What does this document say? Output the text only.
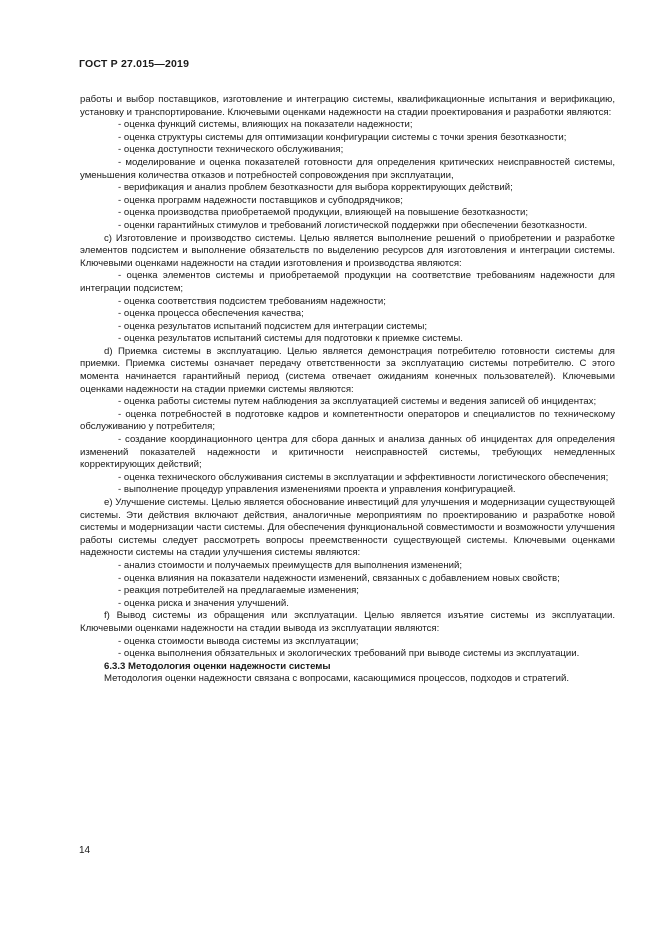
ГОСТ Р 27.015—2019

работы и выбор поставщиков, изготовление и интеграцию системы, квалификационные испытания и верификацию, установку и транспортирование. Ключевыми оценками надежности на стадии проектирования и разработки являются:

- оценка функций системы, влияющих на показатели надежности;

- оценка структуры системы для оптимизации конфигурации системы с точки зрения безотказности;

- оценка доступности технического обслуживания;

- моделирование и оценка показателей готовности для определения критических неисправностей системы, уменьшения количества отказов и потребностей сопровождения при эксплуатации,

- верификация и анализ проблем безотказности для выбора корректирующих действий;

- оценка программ надежности поставщиков и субподрядчиков;

- оценка производства приобретаемой продукции, влияющей на повышение безотказности;

- оценки гарантийных стимулов и требований логистической поддержки при обеспечении безотказности.

с) Изготовление и производство системы. Целью является выполнение решений о приобретении и разработке элементов подсистем и выполнение обязательств по выделению ресурсов для изготовления и интеграции системы. Ключевыми оценками надежности на стадии изготовления и производства являются:

- оценка элементов системы и приобретаемой продукции на соответствие требованиям надежности для интеграции подсистем;

- оценка соответствия подсистем требованиям надежности;

- оценка процесса обеспечения качества;

- оценка результатов испытаний подсистем для интеграции системы;

- оценка результатов испытаний системы для подготовки к приемке системы.

d) Приемка системы в эксплуатацию. Целью является демонстрация потребителю готовности системы для приемки. Приемка системы означает передачу ответственности за эксплуатацию системы потребителю. С этого момента начинается гарантийный период (система отвечает ожиданиям конечных пользователей). Ключевыми оценками надежности на стадии приемки системы являются:

- оценка работы системы путем наблюдения за эксплуатацией системы и ведения записей об инцидентах;

- оценка потребностей в подготовке кадров и компетентности операторов и специалистов по техническому обслуживанию у потребителя;

- создание координационного центра для сбора данных и анализа данных об инцидентах для определения изменений показателей надежности и критичности неисправностей системы, требующих немедленных корректирующих действий;

- оценка технического обслуживания системы в эксплуатации и эффективности логистического обеспечения;

- выполнение процедур управления изменениями проекта и управления конфигурацией.

е) Улучшение системы. Целью является обоснование инвестиций для улучшения и модернизации существующей системы. Эти действия включают действия, аналогичные мероприятиям по проектированию и разработке новой системы и модернизации части системы. Для обеспечения функциональной совместимости и возможности улучшения работы системы следует рассмотреть вопросы преемственности существующей системы. Ключевыми оценками надежности системы на стадии улучшения системы являются:

- анализ стоимости и получаемых преимуществ для выполнения изменений;

- оценка влияния на показатели надежности изменений, связанных с добавлением новых свойств;

- реакция потребителей на предлагаемые изменения;

- оценка риска и значения улучшений.

f) Вывод системы из обращения или эксплуатации. Целью является изъятие системы из эксплуатации. Ключевыми оценками надежности на стадии вывода из эксплуатации являются:

- оценка стоимости вывода системы из эксплуатации;

- оценка выполнения обязательных и экологических требований при выводе системы из эксплуатации.

6.3.3 Методология оценки надежности системы

Методология оценки надежности связана с вопросами, касающимися процессов, подходов и стратегий.

14
